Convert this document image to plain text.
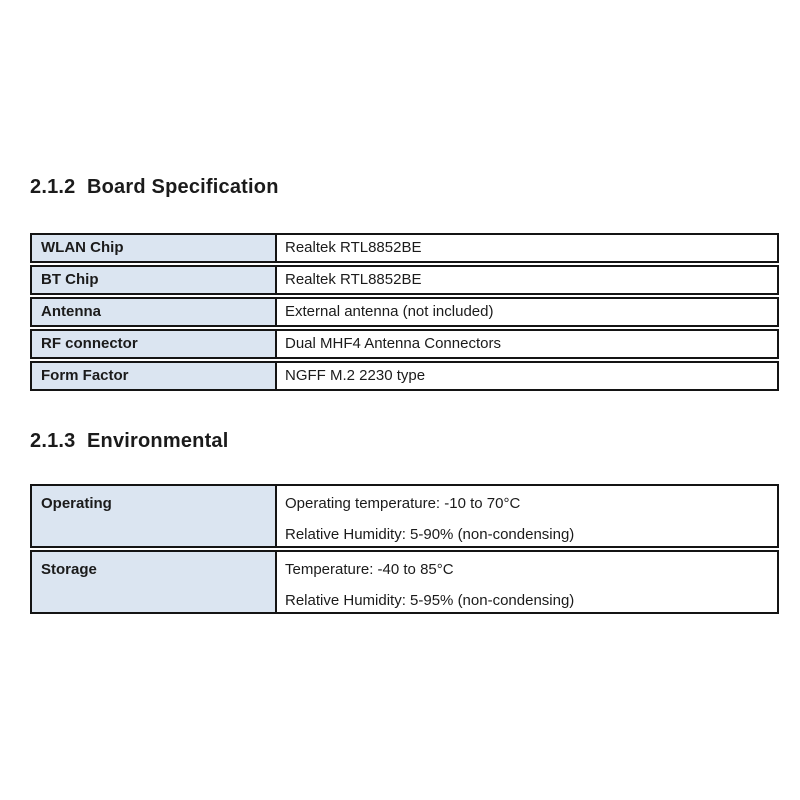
2.1.2  Board Specification
WLAN Chip	Realtek RTL8852BE
BT Chip	Realtek RTL8852BE
Antenna	External antenna (not included)
RF connector	Dual MHF4 Antenna Connectors
Form Factor	NGFF M.2 2230 type
2.1.3  Environmental
Operating	Operating temperature: -10 to 70°C

Relative Humidity: 5-90% (non-condensing)

Storage	Temperature: -40 to 85°C

Relative Humidity: 5-95% (non-condensing)
